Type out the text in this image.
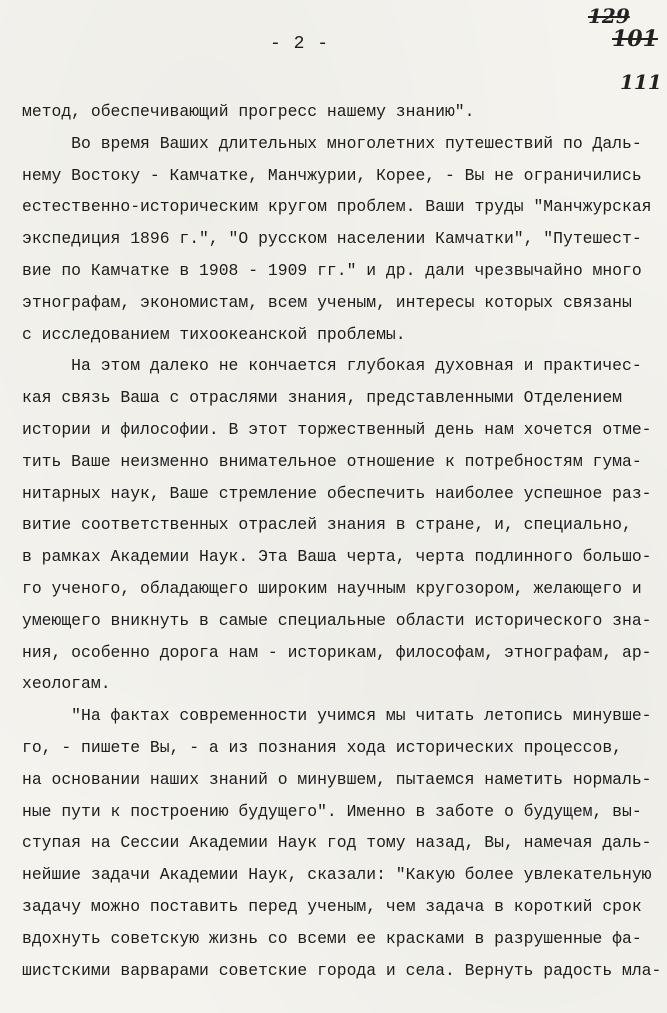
- 2 -
129
101
111
метод, обеспечивающий прогресс нашему знанию".
Во время Ваших длительных многолетних путешествий по Даль-
нему Востоку - Камчатке, Манчжурии, Корее, - Вы не ограничились
естественно-историческим кругом проблем. Ваши труды "Манчжурская
экспедиция 1896 г.", "О русском населении Камчатки", "Путешест-
вие по Камчатке в 1908 - 1909 гг." и др. дали чрезвычайно много
этнографам, экономистам, всем ученым, интересы которых связаны
с исследованием тихоокеанской проблемы.
На этом далеко не кончается глубокая духовная и практичес-
кая связь Ваша с отраслями знания, представленными Отделением
истории и философии. В этот торжественный день нам хочется отме-
тить Ваше неизменно внимательное отношение к потребностям гума-
нитарных наук, Ваше стремление обеспечить наиболее успешное раз-
витие соответственных отраслей знания в стране, и, специально,
в рамках Академии Наук. Эта Ваша черта, черта подлинного большо-
го ученого, обладающего широким научным кругозором, желающего и
умеющего вникнуть в самые специальные области исторического зна-
ния, особенно дорога нам - историкам, философам, этнографам, ар-
хеологам.
"На фактах современности учимся мы читать летопись минувше-
го, - пишете Вы, - а из познания хода исторических процессов,
на основании наших знаний о минувшем, пытаемся наметить нормаль-
ные пути к построению будущего". Именно в заботе о будущем, вы-
ступая на Сессии Академии Наук год тому назад, Вы, намечая даль-
нейшие задачи Академии Наук, сказали: "Какую более увлекательную
задачу можно поставить перед ученым, чем задача в короткий срок
вдохнуть советскую жизнь со всеми ее красками в разрушенные фа-
шистскими варварами советские города и села. Вернуть радость мла-
